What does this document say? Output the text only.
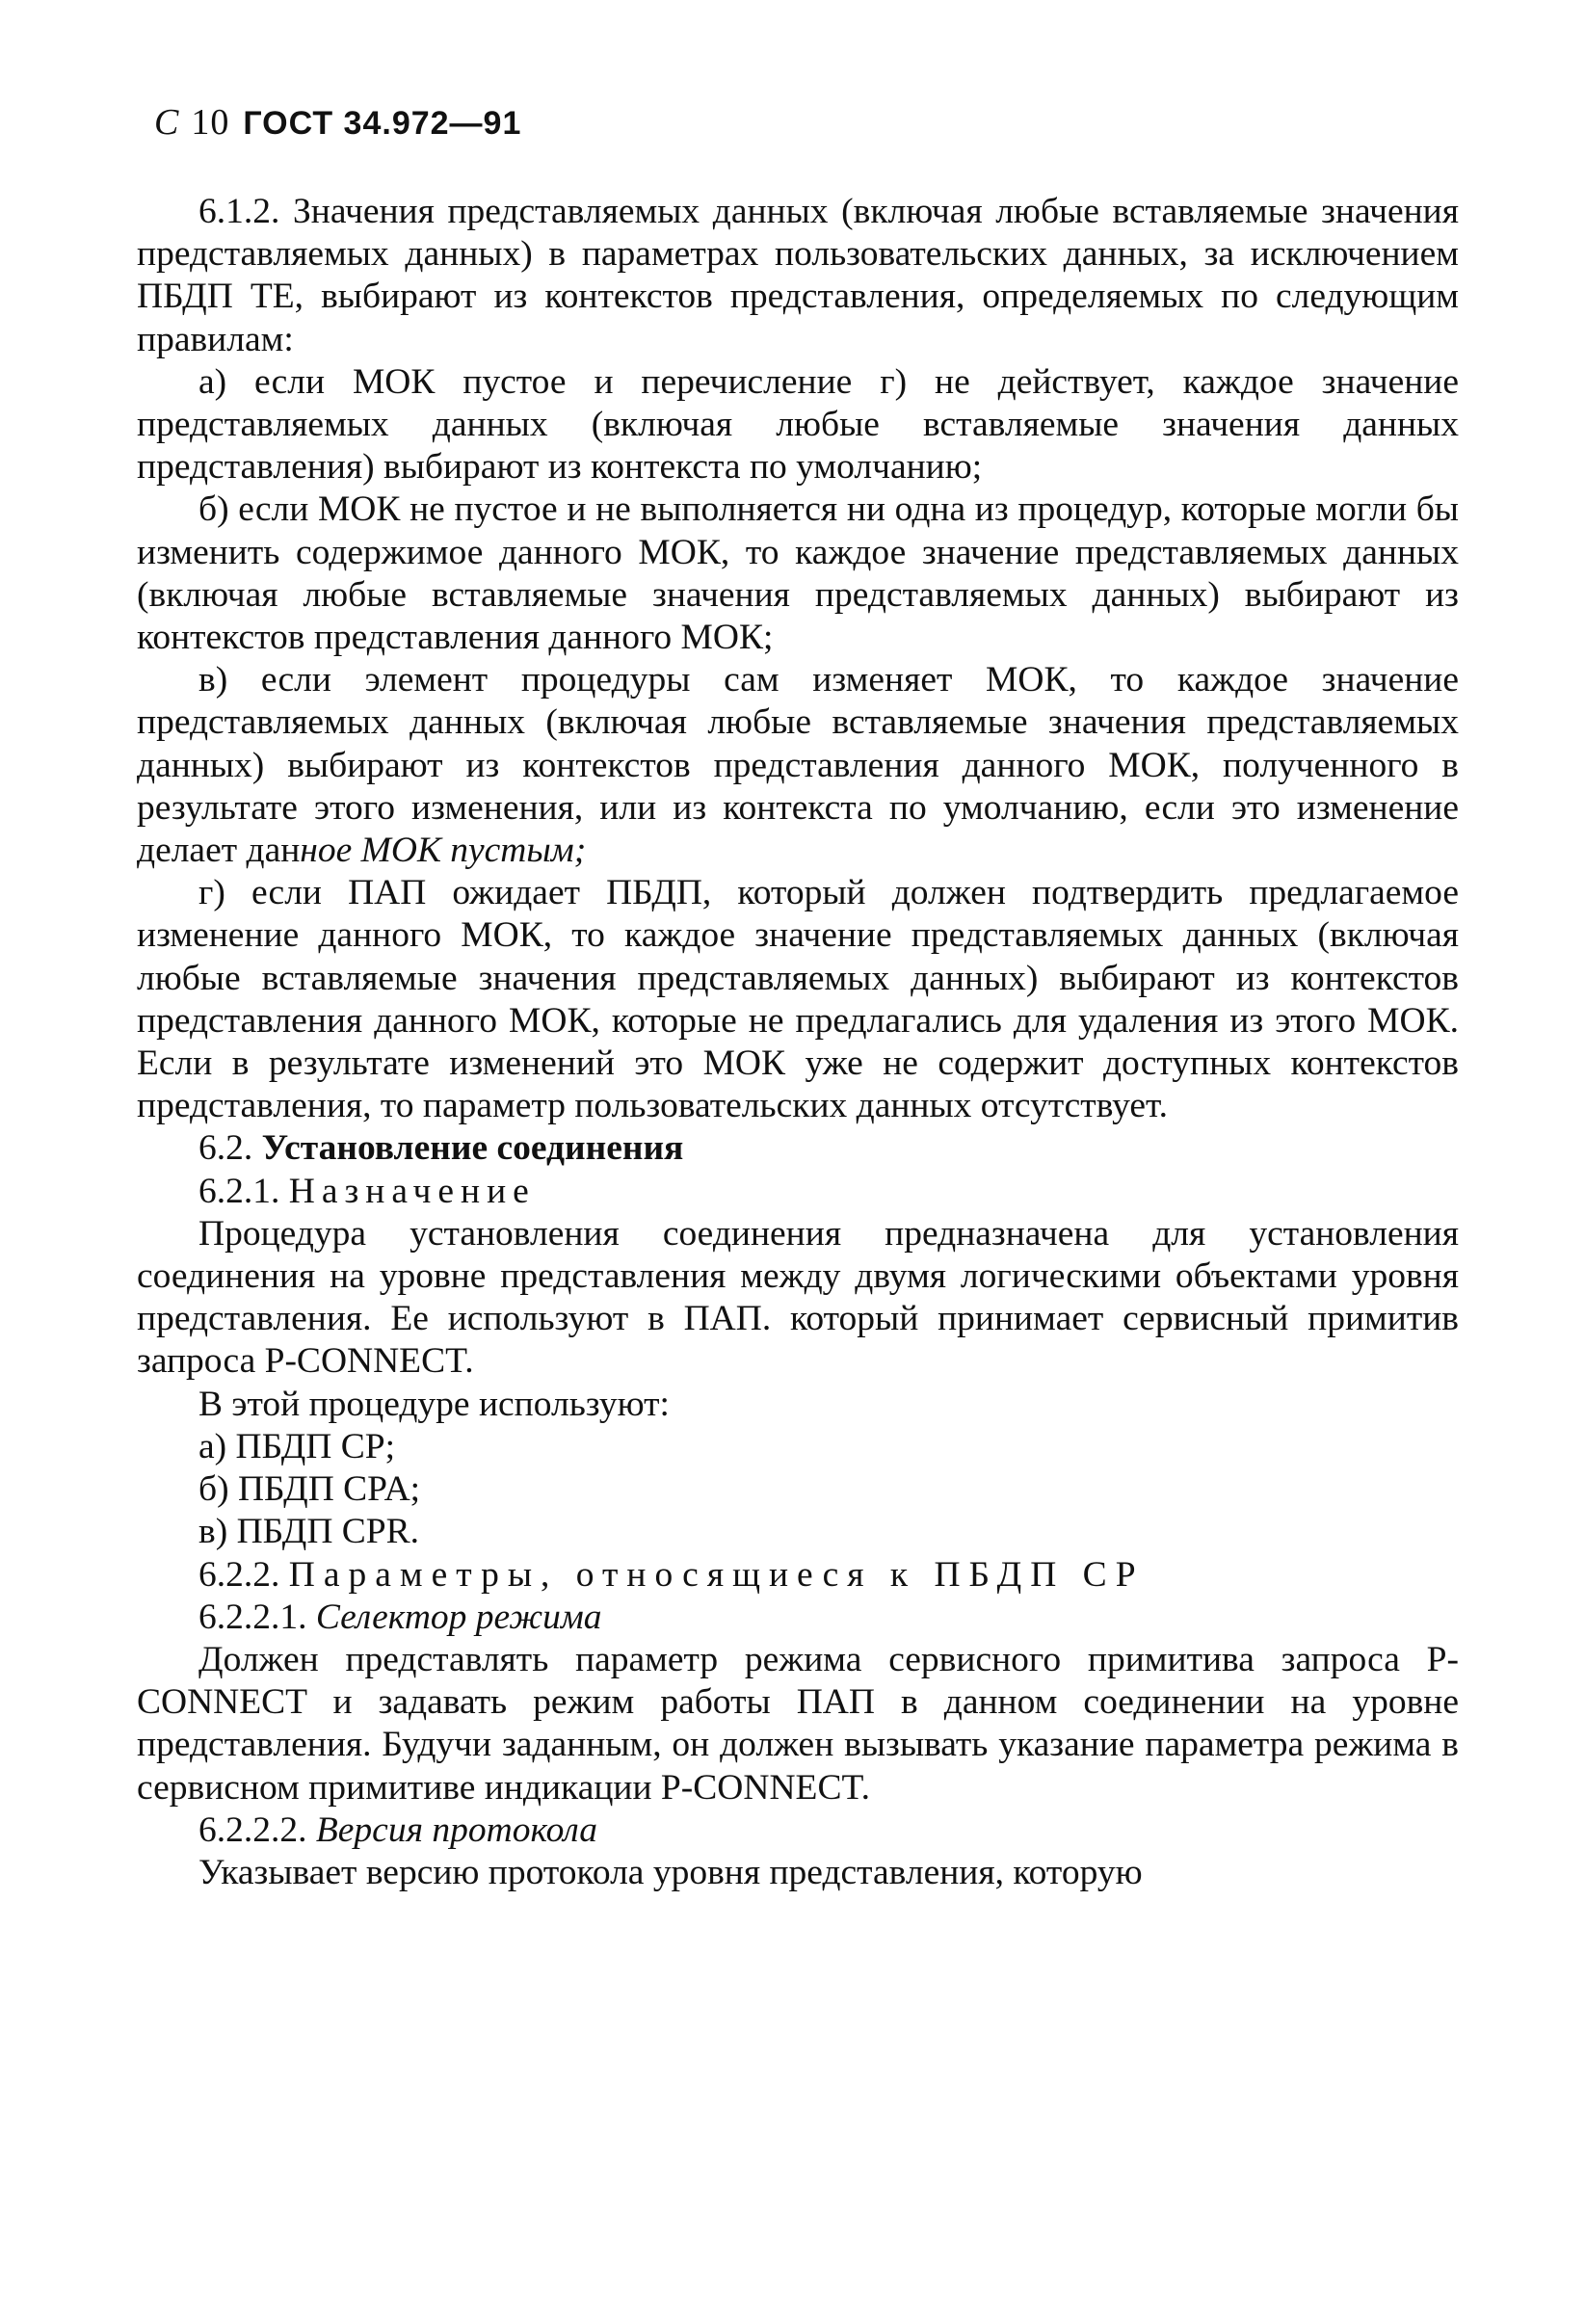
С 10 ГОСТ 34.972—91

6.1.2. Значения представляемых данных (включая любые вставляемые значения представляемых данных) в параметрах пользовательских данных, за исключением ПБДП TE, выбирают из контекстов представления, определяемых по следующим правилам:

а) если МОК пустое и перечисление г) не действует, каждое значение представляемых данных (включая любые вставляемые значения данных представления) выбирают из контекста по умолчанию;

б) если МОК не пустое и не выполняется ни одна из процедур, которые могли бы изменить содержимое данного МОК, то каждое значение представляемых данных (включая любые вставляемые значения представляемых данных) выбирают из контекстов представления данного МОК;

в) если элемент процедуры сам изменяет МОК, то каждое значение представляемых данных (включая любые вставляемые значения представляемых данных) выбирают из контекстов представления данного МОК, полученного в результате этого изменения, или из контекста по умолчанию, если это изменение делает данное МОК пустым;

г) если ПАП ожидает ПБДП, который должен подтвердить предлагаемое изменение данного МОК, то каждое значение представляемых данных (включая любые вставляемые значения представляемых данных) выбирают из контекстов представления данного МОК, которые не предлагались для удаления из этого МОК. Если в результате изменений это МОК уже не содержит доступных контекстов представления, то параметр пользовательских данных отсутствует.

6.2. Установление соединения

6.2.1. Назначение

Процедура установления соединения предназначена для установления соединения на уровне представления между двумя логическими объектами уровня представления. Ее используют в ПАП. который принимает сервисный примитив запроса P-CONNECT.

В этой процедуре используют:

а) ПБДП CP;

б) ПБДП CPA;

в) ПБДП CPR.

6.2.2. Параметры, относящиеся к ПБДП СР

6.2.2.1. Селектор режима

Должен представлять параметр режима сервисного примитива запроса P-CONNECT и задавать режим работы ПАП в данном соединении на уровне представления. Будучи заданным, он должен вызывать указание параметра режима в сервисном примитиве индикации P-CONNECT.

6.2.2.2. Версия протокола

Указывает версию протокола уровня представления, которую
